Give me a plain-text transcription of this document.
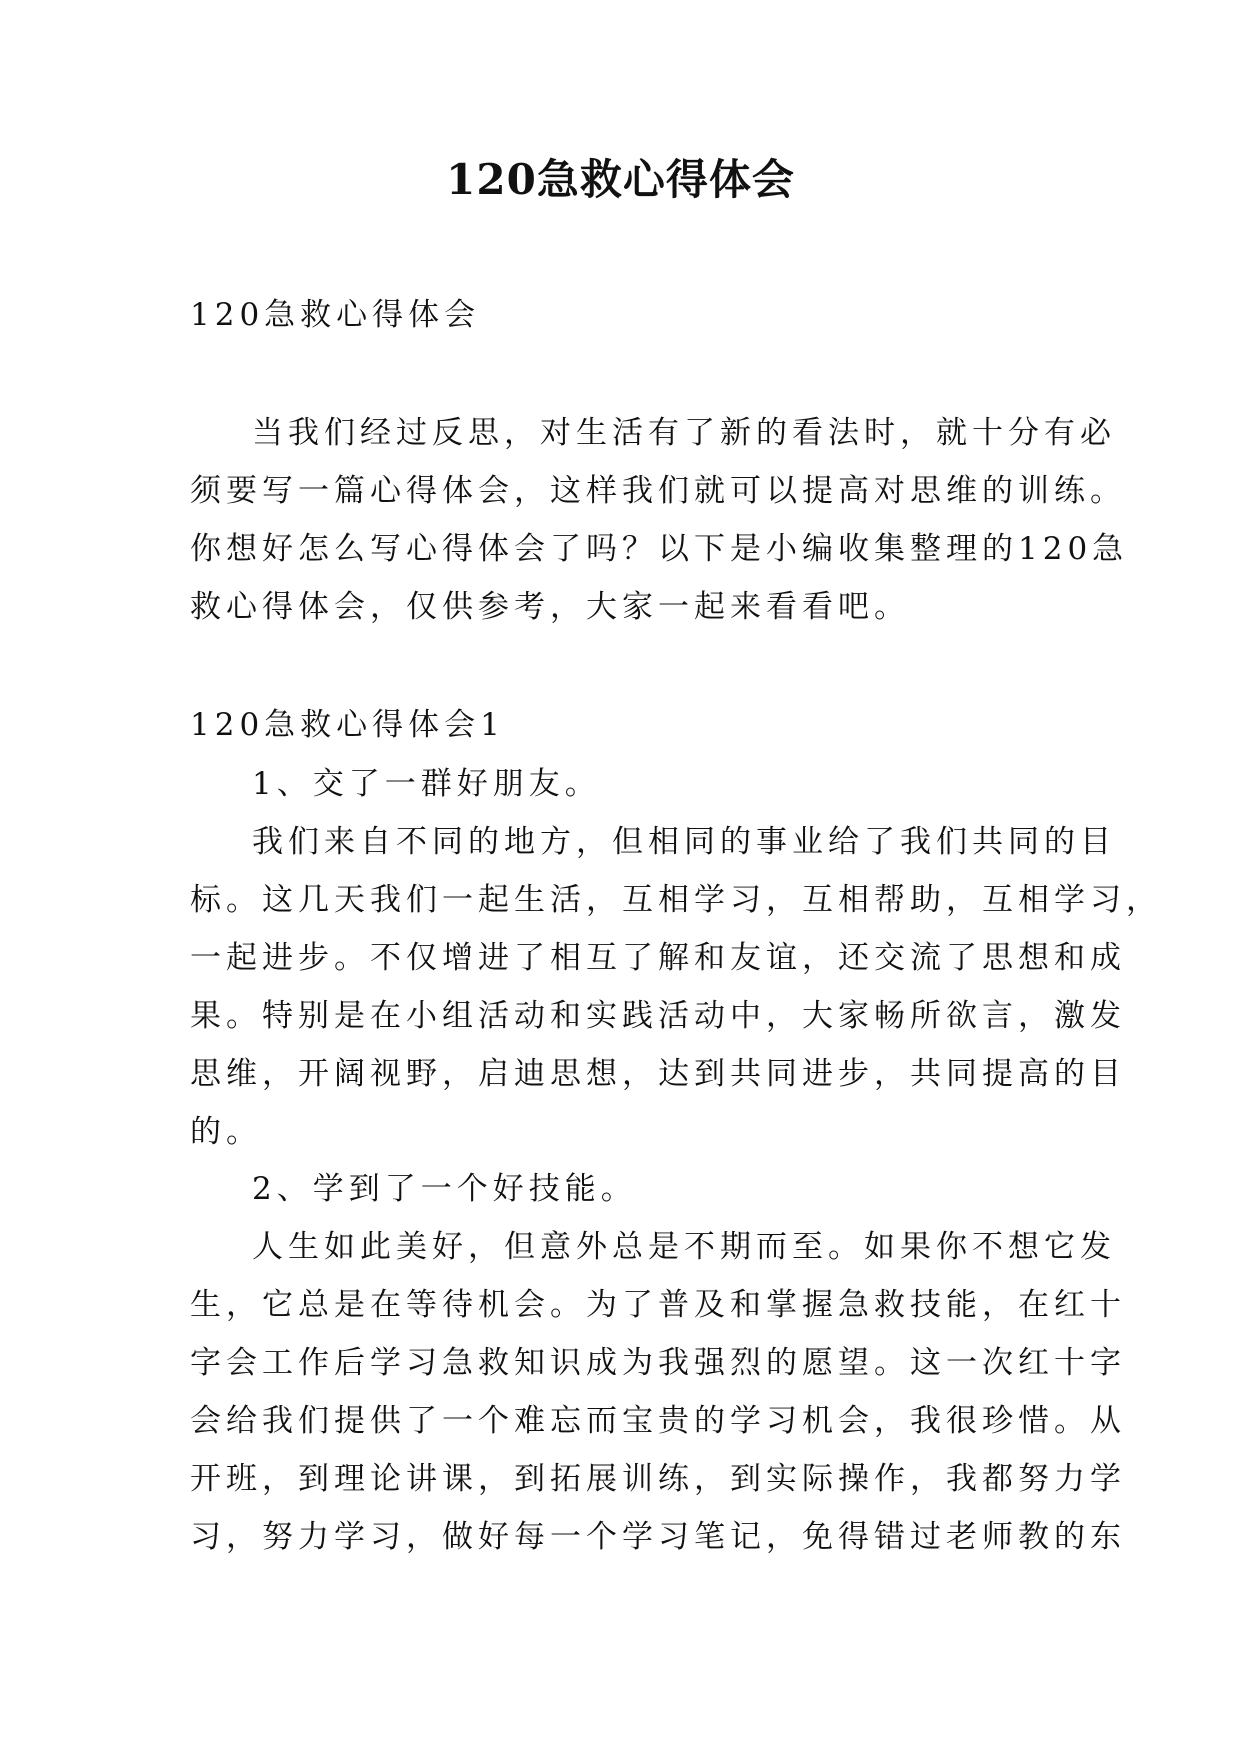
120急救心得体会
120急救心得体会
当我们经过反思，对生活有了新的看法时，就十分有必
须要写一篇心得体会，这样我们就可以提高对思维的训练。
你想好怎么写心得体会了吗？以下是小编收集整理的120急
救心得体会，仅供参考，大家一起来看看吧。
120急救心得体会1
1、交了一群好朋友。
我们来自不同的地方，但相同的事业给了我们共同的目
标。这几天我们一起生活，互相学习，互相帮助，互相学习，
一起进步。不仅增进了相互了解和友谊，还交流了思想和成
果。特别是在小组活动和实践活动中，大家畅所欲言，激发
思维，开阔视野，启迪思想，达到共同进步，共同提高的目
的。
2、学到了一个好技能。
人生如此美好，但意外总是不期而至。如果你不想它发
生，它总是在等待机会。为了普及和掌握急救技能，在红十
字会工作后学习急救知识成为我强烈的愿望。这一次红十字
会给我们提供了一个难忘而宝贵的学习机会，我很珍惜。从
开班，到理论讲课，到拓展训练，到实际操作，我都努力学
习，努力学习，做好每一个学习笔记，免得错过老师教的东
